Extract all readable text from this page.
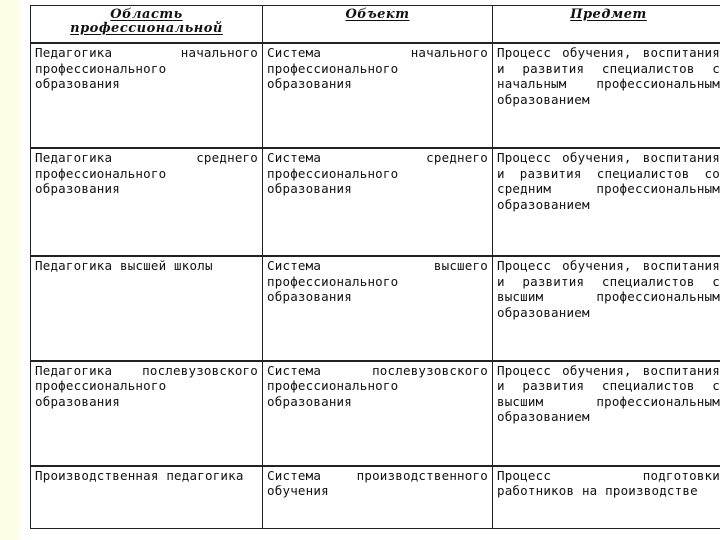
Область профессиональной	Объект	Предмет
Педагогика начального профессионального образования	Система начального профессионального образования	Процесс обучения, воспитания и развития специалистов с начальным профессиональным образованием
Педагогика среднего профессионального образования	Система среднего профессионального образования	Процесс обучения, воспитания и развития специалистов со средним профессиональным образованием
Педагогика высшей школы	Система высшего профессионального образования	Процесс обучения, воспитания и развития специалистов с высшим профессиональным образованием
Педагогика послевузовского профессионального образования	Система послевузовского профессионального образования	Процесс обучения, воспитания и развития специалистов с высшим профессиональным образованием
Производственная педагогика	Система производственного обучения	Процесс подготовки работников на производстве
